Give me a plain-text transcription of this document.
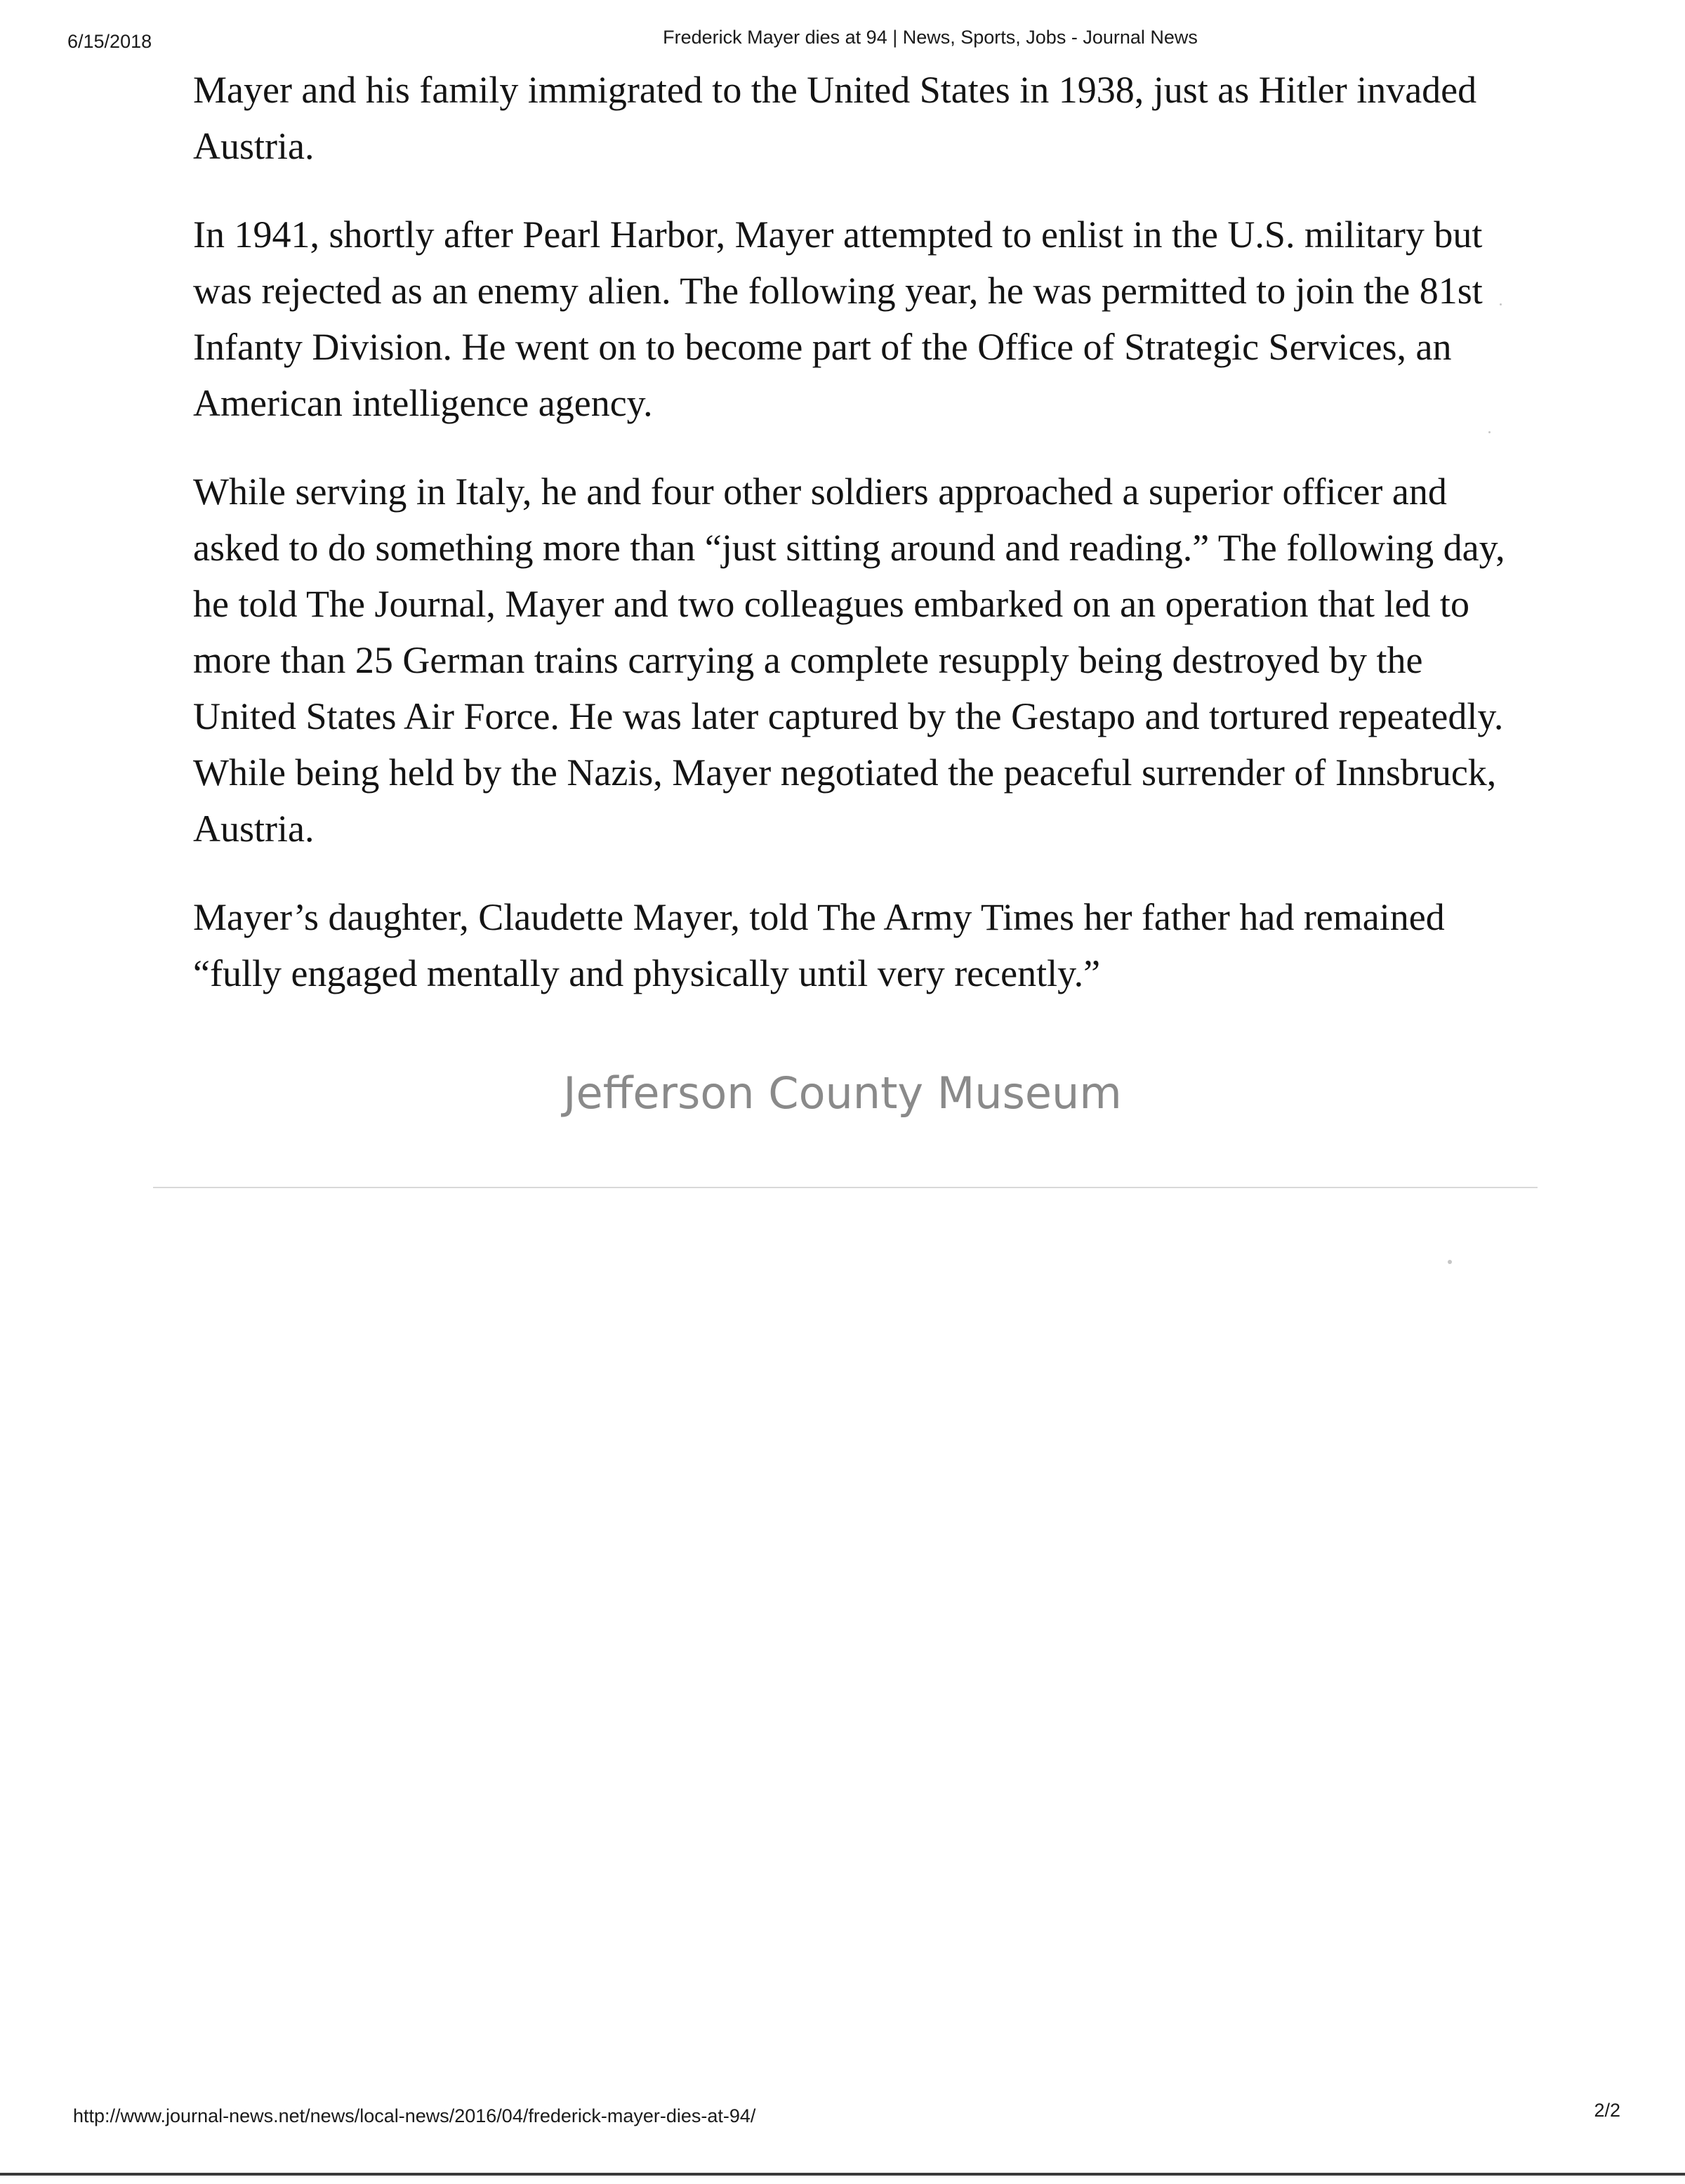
6/15/2018	Frederick Mayer dies at 94 | News, Sports, Jobs - Journal News

Mayer and his family immigrated to the United States in 1938, just as Hitler invaded Austria.

In 1941, shortly after Pearl Harbor, Mayer attempted to enlist in the U.S. military but was rejected as an enemy alien. The following year, he was permitted to join the 81st Infanty Division. He went on to become part of the Office of Strategic Services, an American intelligence agency.

While serving in Italy, he and four other soldiers approached a superior officer and asked to do something more than “just sitting around and reading.” The following day, he told The Journal, Mayer and two colleagues embarked on an operation that led to more than 25 German trains carrying a complete resupply being destroyed by the United States Air Force. He was later captured by the Gestapo and tortured repeatedly. While being held by the Nazis, Mayer negotiated the peaceful surrender of Innsbruck, Austria.

Mayer’s daughter, Claudette Mayer, told The Army Times her father had remained “fully engaged mentally and physically until very recently.”

Jefferson County Museum
http://www.journal-news.net/news/local-news/2016/04/frederick-mayer-dies-at-94/	2/2
